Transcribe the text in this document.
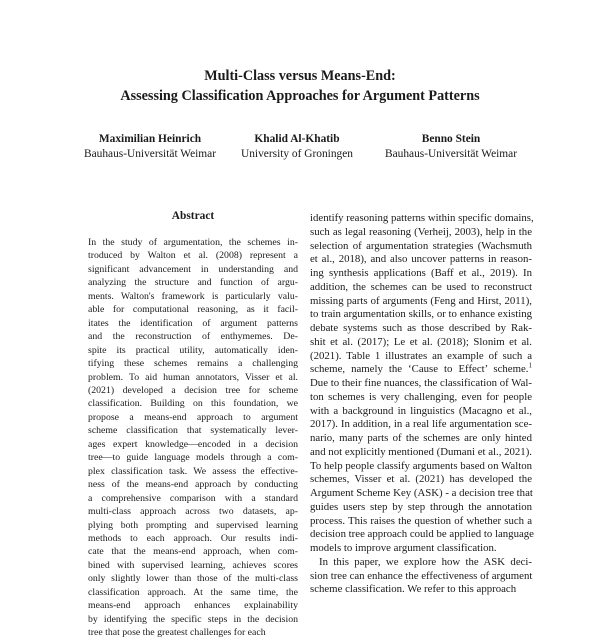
Multi-Class versus Means-End:
Assessing Classification Approaches for Argument Patterns
Maximilian Heinrich
Bauhaus-Universität Weimar
Khalid Al-Khatib
University of Groningen
Benno Stein
Bauhaus-Universität Weimar
Abstract
In the study of argumentation, the schemes in-
troduced by Walton et al. (2008) represent a
significant advancement in understanding and
analyzing the structure and function of argu-
ments. Walton's framework is particularly valu-
able for computational reasoning, as it facil-
itates the identification of argument patterns
and the reconstruction of enthymemes. De-
spite its practical utility, automatically iden-
tifying these schemes remains a challenging
problem. To aid human annotators, Visser et al.
(2021) developed a decision tree for scheme
classification. Building on this foundation, we
propose a means-end approach to argument
scheme classification that systematically lever-
ages expert knowledge—encoded in a decision
tree—to guide language models through a com-
plex classification task. We assess the effective-
ness of the means-end approach by conducting
a comprehensive comparison with a standard
multi-class approach across two datasets, ap-
plying both prompting and supervised learning
methods to each approach. Our results indi-
cate that the means-end approach, when com-
bined with supervised learning, achieves scores
only slightly lower than those of the multi-class
classification approach. At the same time, the
means-end approach enhances explainability
by identifying the specific steps in the decision
tree that pose the greatest challenges for each
identify reasoning patterns within specific domains,
such as legal reasoning (Verheij, 2003), help in the
selection of argumentation strategies (Wachsmuth
et al., 2018), and also uncover patterns in reason-
ing synthesis applications (Baff et al., 2019). In
addition, the schemes can be used to reconstruct
missing parts of arguments (Feng and Hirst, 2011),
to train argumentation skills, or to enhance existing
debate systems such as those described by Rak-
shit et al. (2017); Le et al. (2018); Slonim et al.
(2021). Table 1 illustrates an example of such a
scheme, namely the ‘Cause to Effect’ scheme.$^1$
Due to their fine nuances, the classification of Wal-
ton schemes is very challenging, even for people
with a background in linguistics (Macagno et al.,
2017). In addition, in a real life argumentation sce-
nario, many parts of the schemes are only hinted
and not explicitly mentioned (Dumani et al., 2021).
To help people classify arguments based on Walton
schemes, Visser et al. (2021) has developed the
Argument Scheme Key (ASK) - a decision tree that
guides users step by step through the annotation
process. This raises the question of whether such a
decision tree approach could be applied to language
models to improve argument classification.
In this paper, we explore how the ASK deci-
sion tree can enhance the effectiveness of argument
scheme classification. We refer to this approach
